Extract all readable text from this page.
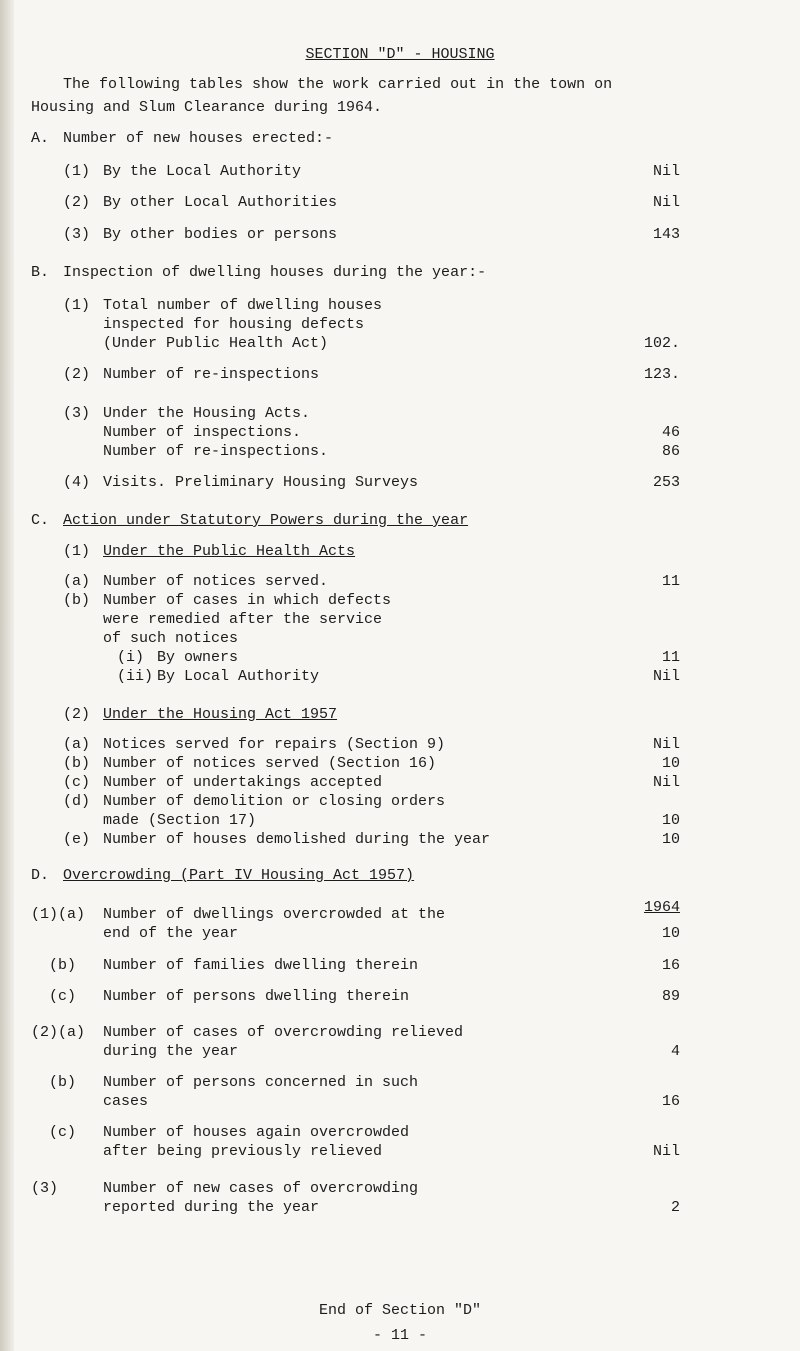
SECTION "D" - HOUSING
The following tables show the work carried out in the town on
Housing and Slum Clearance during 1964.
A. Number of new houses erected:-
(1) By the Local Authority	Nil
(2) By other Local Authorities	Nil
(3) By other bodies or persons	143
B. Inspection of dwelling houses during the year:-
(1) Total number of dwelling houses
inspected for housing defects
(Under Public Health Act)	102.
(2) Number of re-inspections	123.
(3) Under the Housing Acts.
Number of inspections.	46
Number of re-inspections.	86
(4) Visits. Preliminary Housing Surveys	253
C. Action under Statutory Powers during the year
(1) Under the Public Health Acts
(a) Number of notices served.	11
(b) Number of cases in which defects
were remedied after the service
of such notices
(i) By owners	11
(ii) By Local Authority	Nil
(2) Under the Housing Act 1957
(a) Notices served for repairs (Section 9)	Nil
(b) Number of notices served (Section 16)	10
(c) Number of undertakings accepted	Nil
(d) Number of demolition or closing orders
made (Section 17)	10
(e) Number of houses demolished during the year	10
D. Overcrowding (Part IV Housing Act 1957)
1964
(1)(a) Number of dwellings overcrowded at the
end of the year	10
(b) Number of families dwelling therein	16
(c) Number of persons dwelling therein	89
(2)(a) Number of cases of overcrowding relieved
during the year	4
(b) Number of persons concerned in such
cases	16
(c) Number of houses again overcrowded
after being previously relieved	Nil
(3)	Number of new cases of overcrowding
reported during the year	2
End of Section "D"
- 11 -
